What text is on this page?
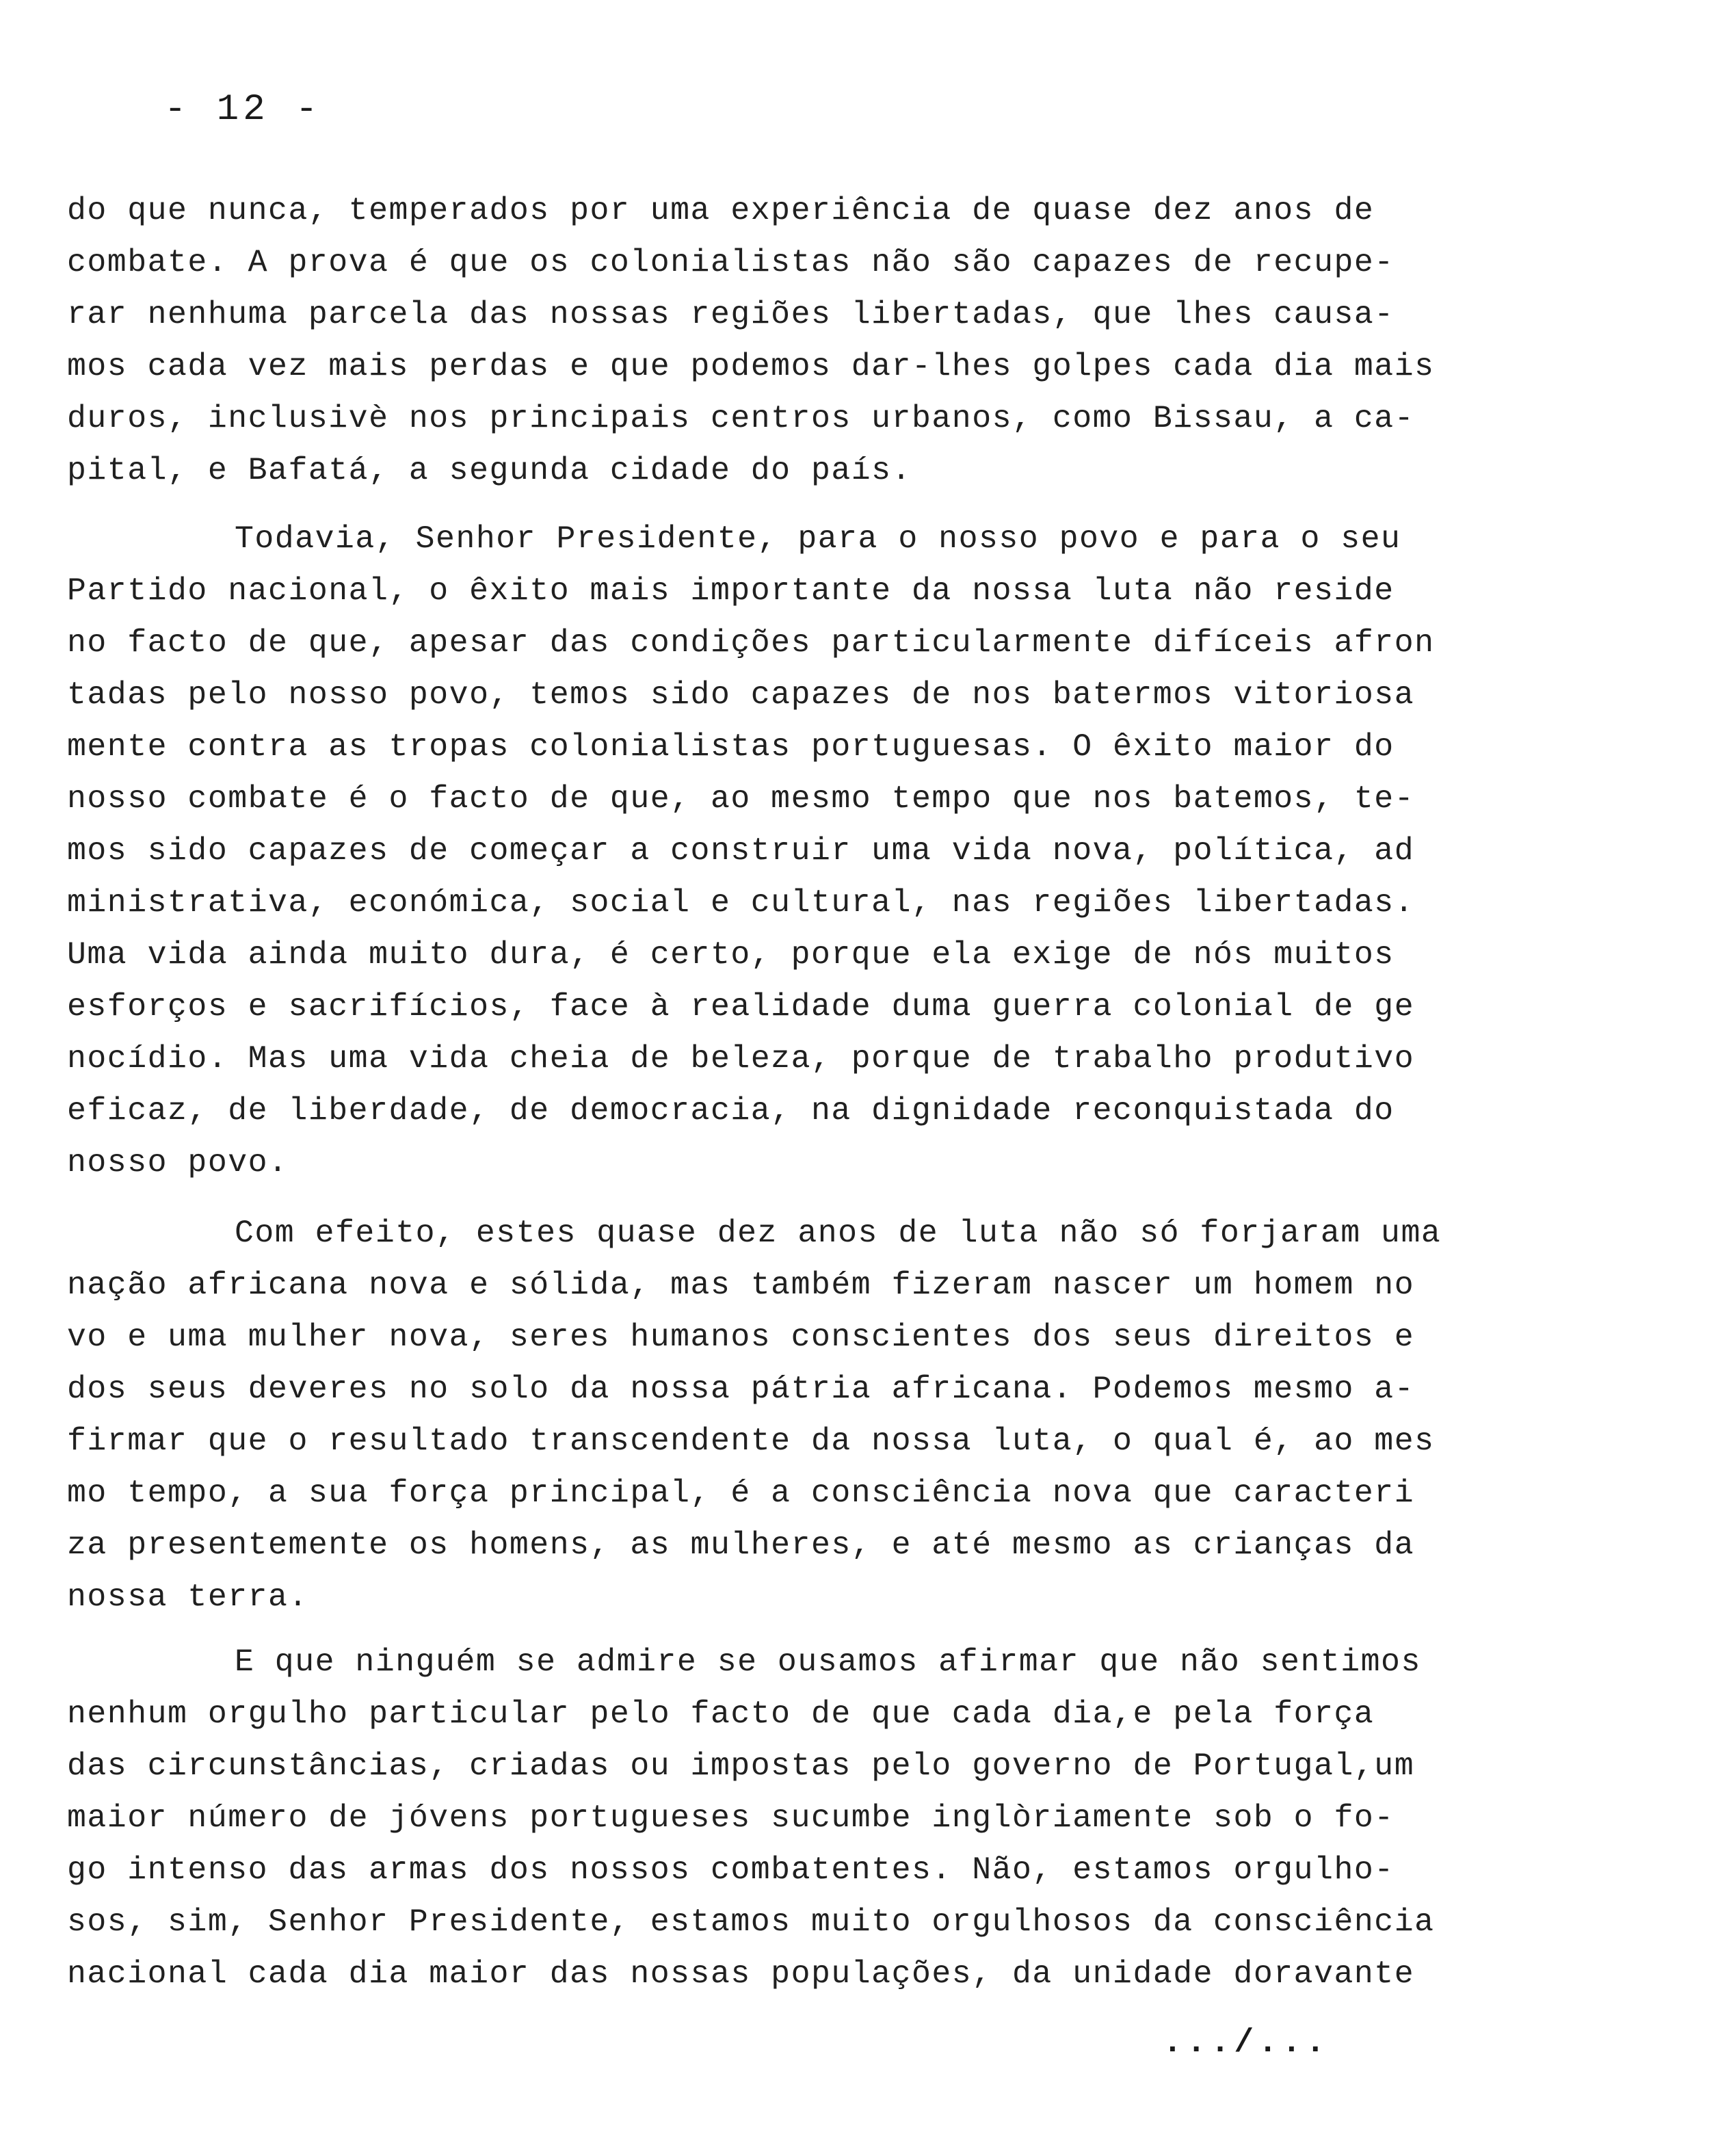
- 12 -
do que nunca, temperados por uma experiência de quase dez anos de
combate. A prova é que os colonialistas não são capazes de recupe-
rar nenhuma parcela das nossas regiões libertadas, que lhes causa-
mos cada vez mais perdas e que podemos dar-lhes golpes cada dia mais
duros, inclusivè nos principais centros urbanos, como Bissau, a ca-
pital, e Bafatá, a segunda cidade do país.
Todavia, Senhor Presidente, para o nosso povo e para o seu
Partido nacional, o êxito mais importante da nossa luta não reside
no facto de que, apesar das condições particularmente difíceis afron
tadas pelo nosso povo, temos sido capazes de nos batermos vitoriosa
mente contra as tropas colonialistas portuguesas. O êxito maior do
nosso combate é o facto de que, ao mesmo tempo que nos batemos, te-
mos sido capazes de começar a construir uma vida nova, política, ad
ministrativa, económica, social e cultural, nas regiões libertadas.
Uma vida ainda muito dura, é certo, porque ela exige de nós muitos
esforços e sacrifícios, face à realidade duma guerra colonial de ge
nocídio. Mas uma vida cheia de beleza, porque de trabalho produtivo
eficaz, de liberdade, de democracia, na dignidade reconquistada do
nosso povo.
Com efeito, estes quase dez anos de luta não só forjaram uma
nação africana nova e sólida, mas também fizeram nascer um homem no
vo e uma mulher nova, seres humanos conscientes dos seus direitos e
dos seus deveres no solo da nossa pátria africana. Podemos mesmo a-
firmar que o resultado transcendente da nossa luta, o qual é, ao mes
mo tempo, a sua força principal, é a consciência nova que caracteri
za presentemente os homens, as mulheres, e até mesmo as crianças da
nossa terra.
E que ninguém se admire se ousamos afirmar que não sentimos
nenhum orgulho particular pelo facto de que cada dia,e pela força
das circunstâncias, criadas ou impostas pelo governo de Portugal,um
maior número de jóvens portugueses sucumbe inglòriamente sob o fo-
go intenso das armas dos nossos combatentes. Não, estamos orgulho-
sos, sim, Senhor Presidente, estamos muito orgulhosos da consciência
nacional cada dia maior das nossas populações, da unidade doravante
.../...
